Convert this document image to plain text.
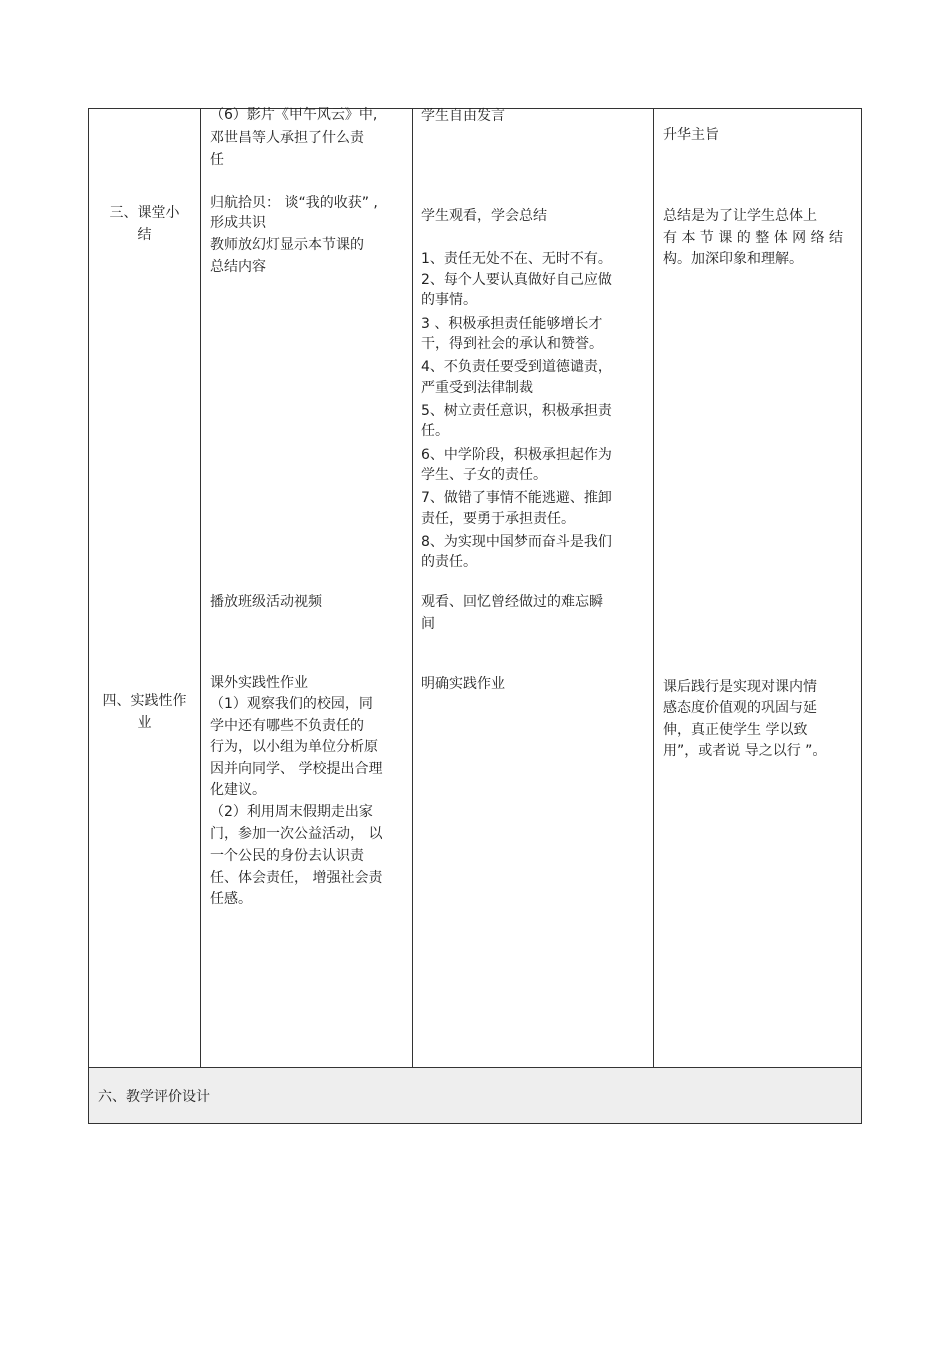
三、课堂小
结
（6）影片《甲午风云》中,
邓世昌等人承担了什么责
任
归航拾贝： 谈“我的收获” ,
形成共识
教师放幻灯显示本节课的
总结内容
学生自由发言
学生观看，学会总结
1、责任无处不在、无时不有。
2、每个人要认真做好自己应做
的事情。
3 、积极承担责任能够增长才
干，得到社会的承认和赞誉。
4、不负责任要受到道德谴责，
严重受到法律制裁
5、树立责任意识，积极承担责
任。
6、中学阶段，积极承担起作为
学生、子女的责任。
7、做错了事情不能逃避、推卸
责任，要勇于承担责任。
8、为实现中国梦而奋斗是我们
的责任。
升华主旨
总结是为了让学生总体上
有 本 节 课 的 整 体 网 络 结
构。加深印象和理解。
四、实践性作
业
播放班级活动视频
课外实践性作业
（1）观察我们的校园，同
学中还有哪些不负责任的
行为，以小组为单位分析原
因并向同学、 学校提出合理
化建议。
（2）利用周末假期走出家
门，参加一次公益活动， 以
一个公民的身份去认识责
任、体会责任， 增强社会责
任感。
观看、回忆曾经做过的难忘瞬
间
明确实践作业	课后践行是实现对课内情
感态度价值观的巩固与延
伸，真正使学生 学以致
用”，或者说 导之以行 ”。
六、教学评价设计
